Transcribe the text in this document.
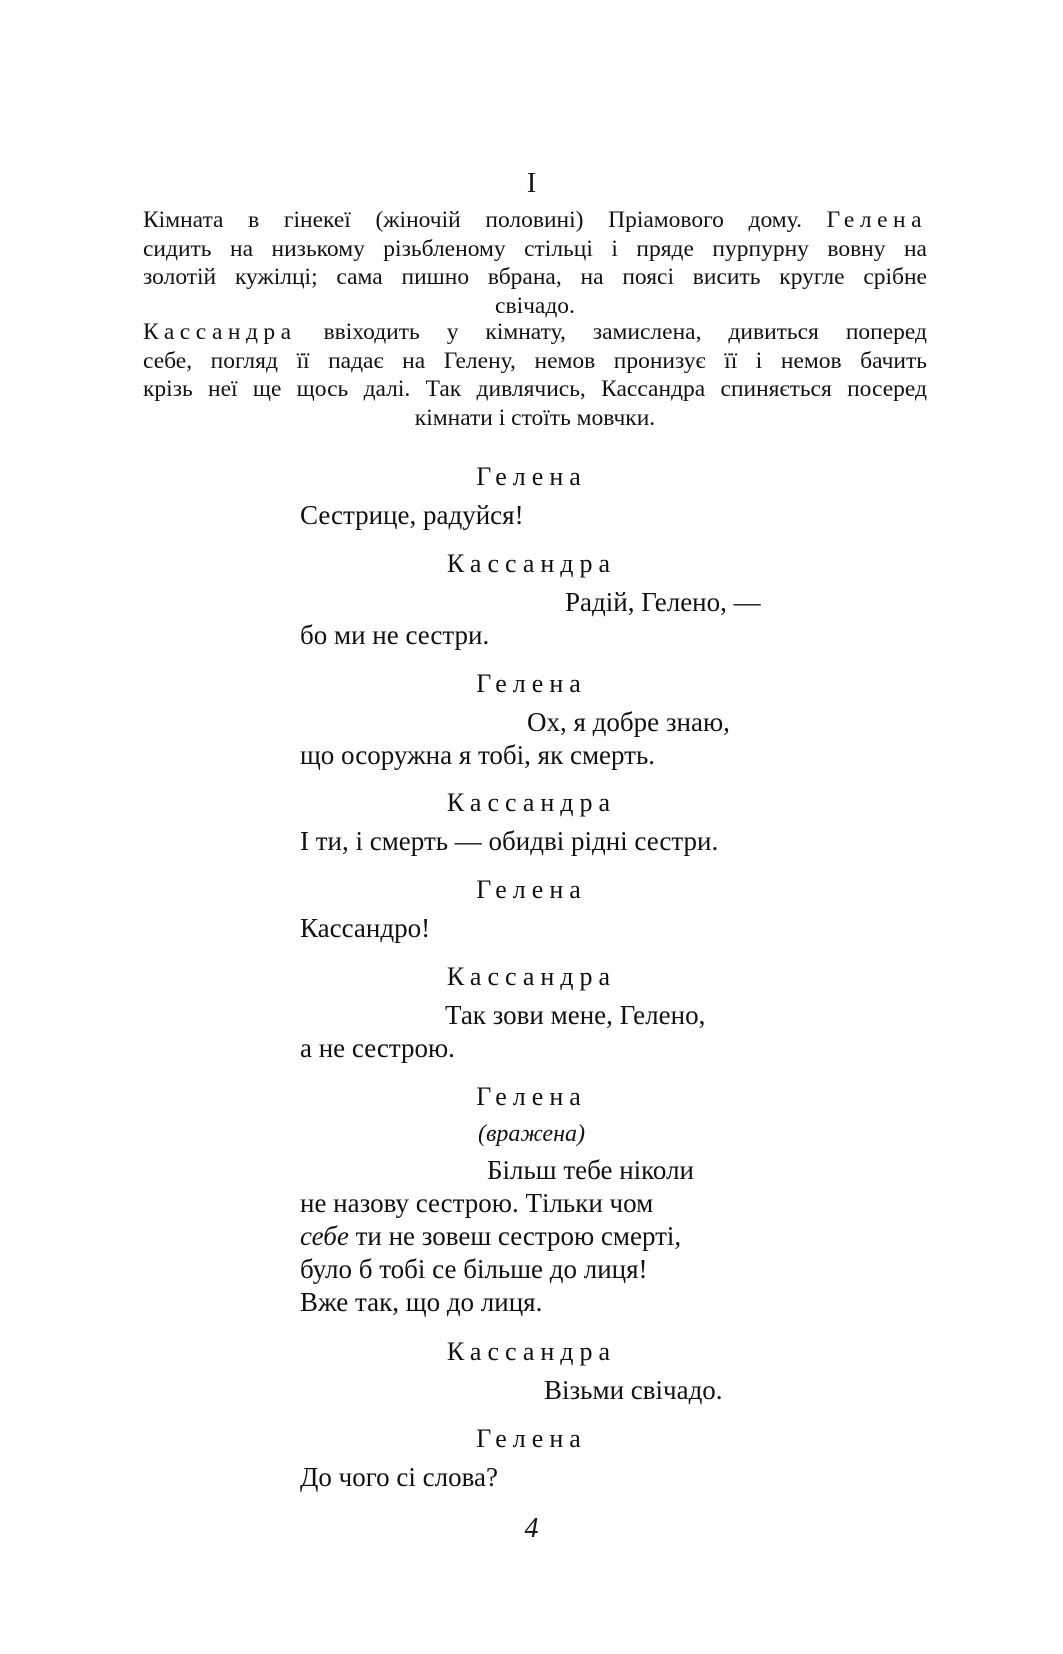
I
Кімната в гінекеї (жіночій половині) Пріамового дому. Гелена
сидить на низькому різьбленому стільці і пряде пурпурну вовну на
золотій кужілці; сама пишно вбрана, на поясі висить кругле срібне
свічадо.
Кассандра ввіходить у кімнату, замислена, дивиться поперед
себе, погляд її падає на Гелену, немов пронизує її і немов бачить
крізь неї ще щось далі. Так дивлячись, Кассандра спиняється посеред
кімнати і стоїть мовчки.
Гелена
Сестрице, радуйся!
Кассандра
Радій, Гелено, —
бо ми не сестри.
Гелена
Ох, я добре знаю,
що осоружна я тобі, як смерть.
Кассандра
І ти, і смерть — обидві рідні сестри.
Гелена
Кассандро!
Кассандра
Так зови мене, Гелено,
а не сестрою.
Гелена
(вражена)
Більш тебе ніколи
не назову сестрою. Тільки чом
себе ти не зовеш сестрою смерті,
було б тобі се більше до лиця!
Вже так, що до лиця.
Кассандра
Візьми свічадо.
Гелена
До чого сі слова?
4
